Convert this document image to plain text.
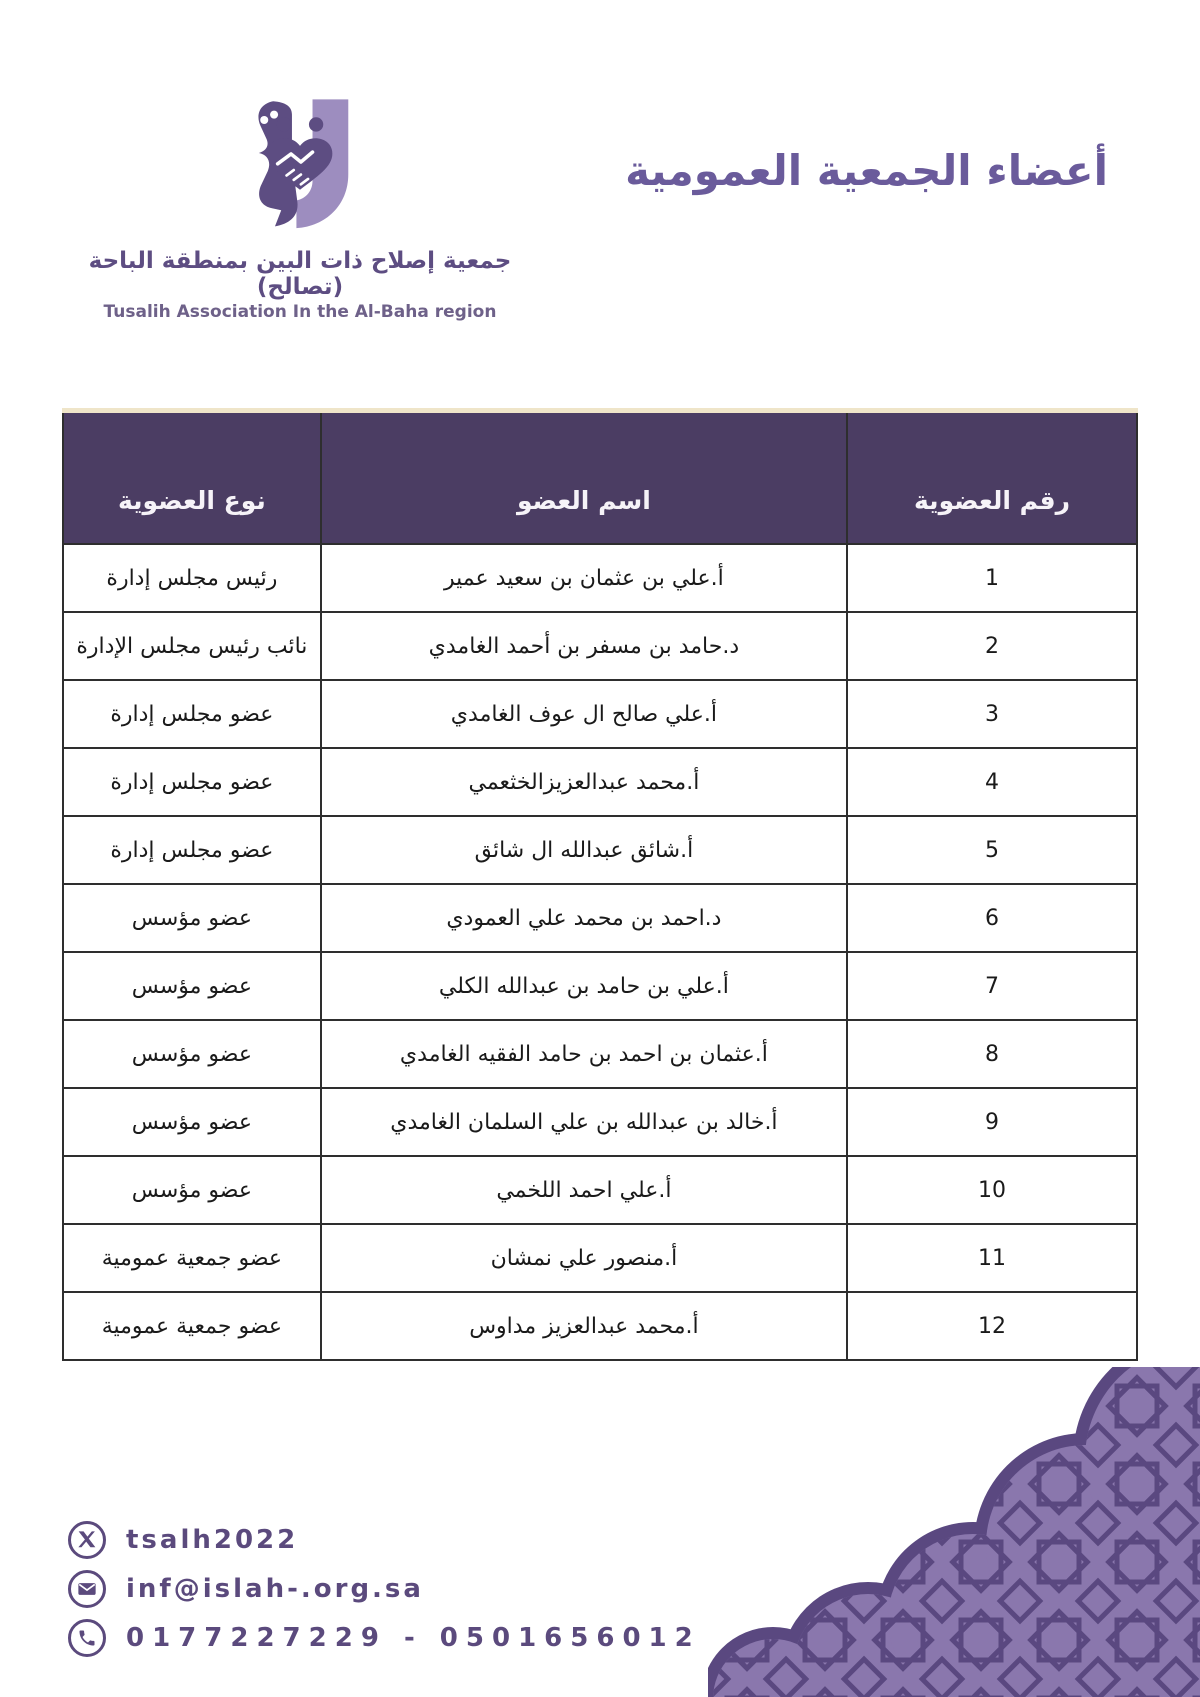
جمعية إصلاح ذات البين بمنطقة الباحة (تصالح)
Tusalih Association In the Al-Baha region
أعضاء الجمعية العمومية
رقم العضوية	اسم العضو	نوع العضوية
1	أ.علي بن عثمان بن سعيد عمير	رئيس مجلس إدارة
2	د.حامد بن مسفر بن أحمد الغامدي	نائب رئيس مجلس الإدارة
3	أ.علي صالح ال عوف الغامدي	عضو مجلس إدارة
4	أ.محمد عبدالعزيزالخثعمي	عضو مجلس إدارة
5	أ.شائق عبدالله ال شائق	عضو مجلس إدارة
6	د.احمد بن محمد علي العمودي	عضو مؤسس
7	أ.علي بن حامد بن عبدالله الكلي	عضو مؤسس
8	أ.عثمان بن احمد بن حامد الفقيه الغامدي	عضو مؤسس
9	أ.خالد بن عبدالله بن علي السلمان الغامدي	عضو مؤسس
10	أ.علي احمد اللخمي	عضو مؤسس
11	أ.منصور علي نمشان	عضو جمعية عمومية
12	أ.محمد عبدالعزيز مداوس	عضو جمعية عمومية
tsalh2022
inf@islah-.org.sa
0177227229 - 0501656012
